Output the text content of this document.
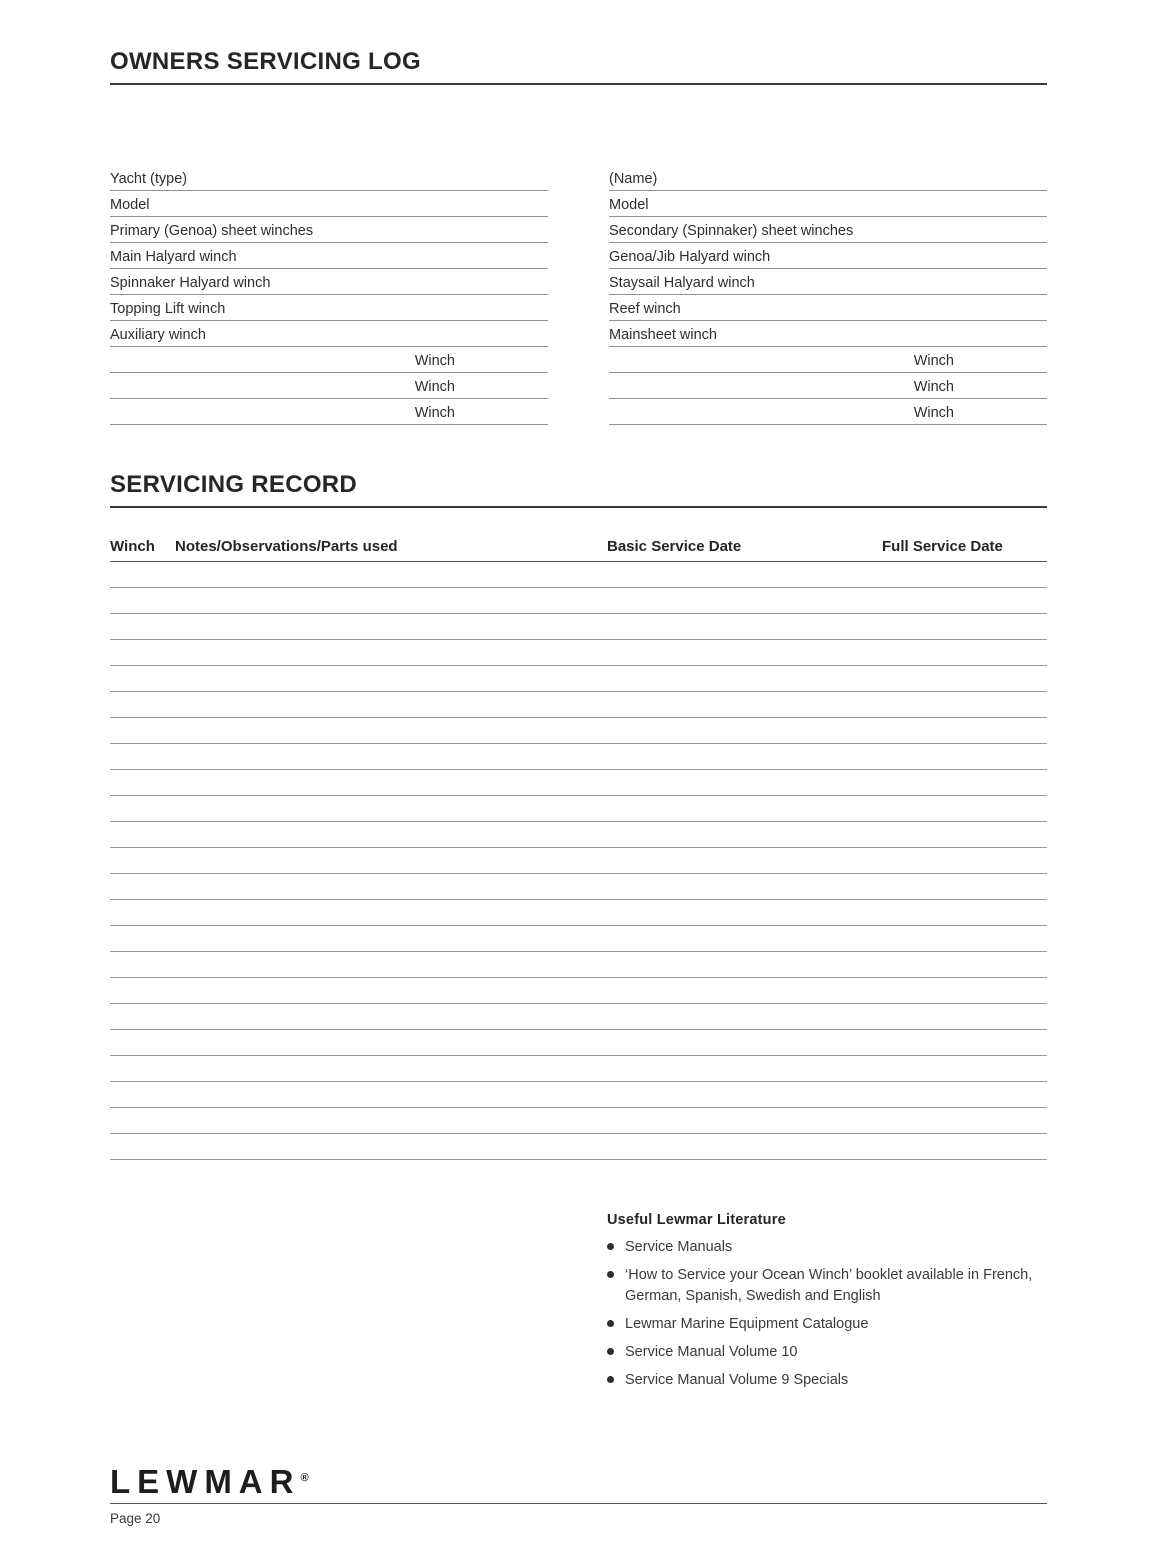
OWNERS SERVICING LOG
Yacht (type)
Model
Primary (Genoa) sheet winches
Main Halyard winch
Spinnaker Halyard winch
Topping Lift winch
Auxiliary winch
Winch
Winch
Winch
(Name)
Model
Secondary (Spinnaker) sheet winches
Genoa/Jib Halyard winch
Staysail Halyard winch
Reef winch
Mainsheet winch
Winch
Winch
Winch
SERVICING RECORD
Winch	Notes/Observations/Parts used	Basic Service Date	Full Service Date
Useful Lewmar Literature
Service Manuals
‘How to Service your Ocean Winch’ booklet available in French, German, Spanish, Swedish and English
Lewmar Marine Equipment Catalogue
Service Manual Volume 10
Service Manual Volume 9 Specials
LEWMAR®
Page 20
